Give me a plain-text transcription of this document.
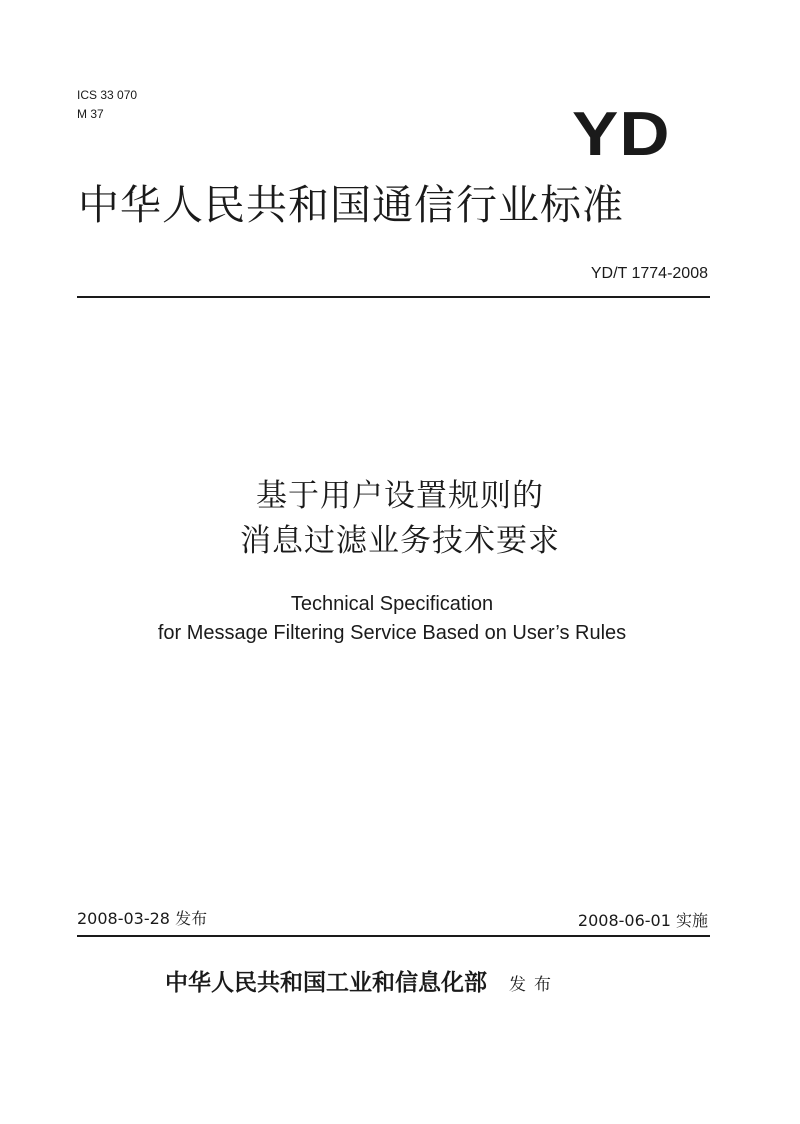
ICS 33 070
M 37	YD
中华人民共和国通信行业标准
YD/T 1774-2008
基于用户设置规则的
消息过滤业务技术要求
Technical Specification
for Message Filtering Service Based on User’s Rules
2008-03-28 发布	2008-06-01 实施
中华人民共和国工业和信息化部 发布
